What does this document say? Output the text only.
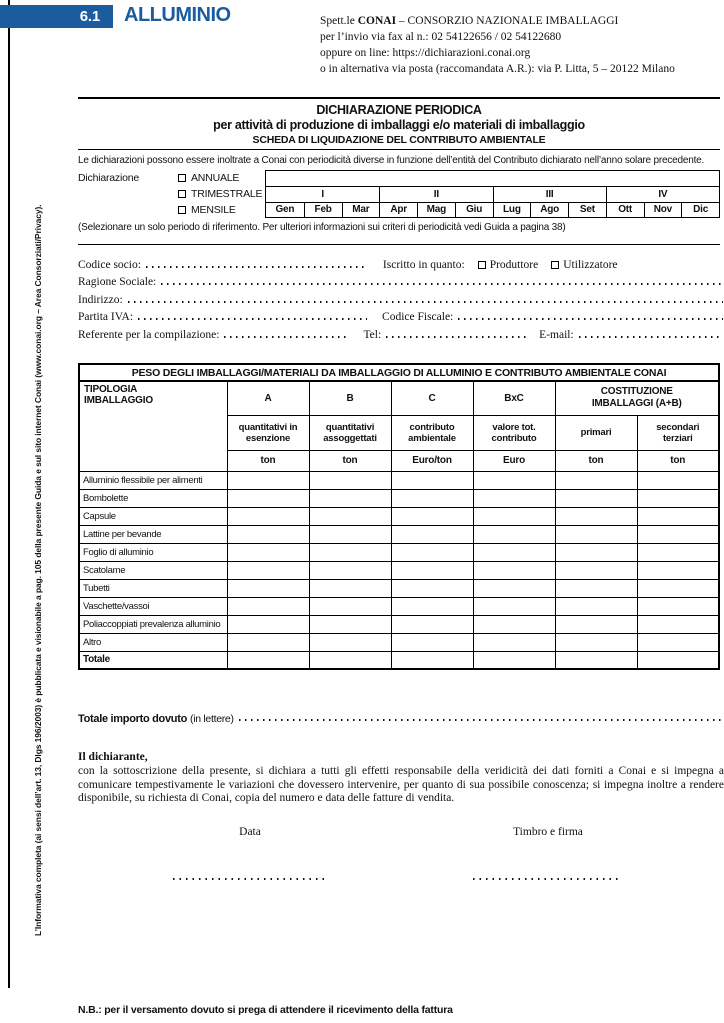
L’Informativa completa (ai sensi dell’art. 13, Dlgs 196/2003) è pubblicata e visionabile a pag. 105 della presente Guida e sul sito internet Conai (www.conai.org – Area Consorziati/Privacy).
6.1	ALLUMINIO	Spett.le CONAI – CONSORZIO NAZIONALE IMBALLAGGI
per l’invio via fax al n.: 02 54122656 / 02 54122680
oppure on line: https://dichiarazioni.conai.org
o in alternativa via posta (raccomandata A.R.): via P. Litta, 5 – 20122 Milano
DICHIARAZIONE PERIODICA
per attività di produzione di imballaggi e/o materiali di imballaggio
SCHEDA DI LIQUIDAZIONE DEL CONTRIBUTO AMBIENTALE
Le dichiarazioni possono essere inoltrate a Conai con periodicità diverse in funzione dell’entità del Contributo dichiarato nell’anno solare precedente.
Dichiarazione	ANNUALE
TRIMESTRALE
MENSILE
I	II	III	IV
Gen	Feb	Mar	Apr	Mag	Giu	Lug	Ago	Set	Ott	Nov	Dic
(Selezionare un solo periodo di riferimento. Per ulteriori informazioni sui criteri di periodicità vedi Guida a pagina 38)
Codice socio:	Iscritto in quanto:	Produttore	Utilizzatore
Ragione Sociale:
Indirizzo:
Partita IVA:	Codice Fiscale:
Referente per la compilazione:	Tel:	E-mail:
PESO DEGLI IMBALLAGGI/MATERIALI DA IMBALLAGGIO DI ALLUMINIO E CONTRIBUTO AMBIENTALE CONAI						

TIPOLOGIA
IMBALLAGGIO	A	B	C	BxC	COSTITUZIONE
IMBALLAGGI (A+B)	

	quantitativi in esenzione	quantitativi assoggettati	contributo ambientale	valore tot. contributo	primari	secondari terziari
	ton	ton	Euro/ton	Euro	ton	ton
Alluminio flessibile per alimenti						
Bombolette						
Capsule						
Lattine per bevande						
Foglio di alluminio						
Scatolame						
Tubetti						
Vaschette/vassoi						
Poliaccoppiati prevalenza alluminio						
Altro						
Totale						
Totale importo dovuto (in lettere)
Il dichiarante,
con la sottoscrizione della presente, si dichiara a tutti gli effetti responsabile della veridicità dei dati forniti a Conai e si impegna a comunicare tempestivamente le variazioni che dovessero intervenire, per quanto di sua possibile conoscenza; si impegna inoltre a rendere disponibile, su richiesta di Conai, copia del numero e data delle fatture di vendita.
Data	Timbro e firma
N.B.: per il versamento dovuto si prega di attendere il ricevimento della fattura
